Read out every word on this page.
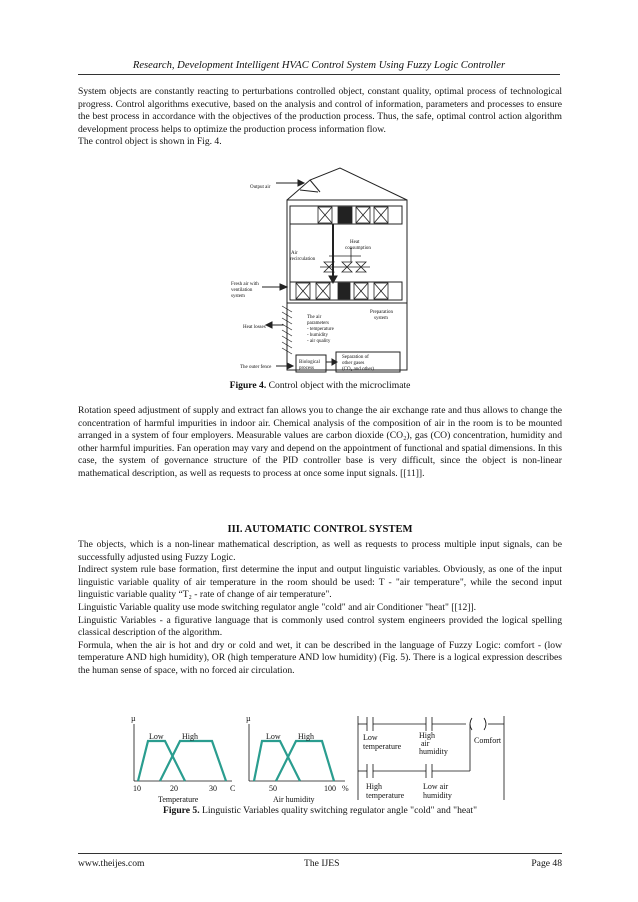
Research, Development Intelligent HVAC Control System Using Fuzzy Logic Controller

System objects are constantly reacting to perturbations controlled object, constant quality, optimal process of technological progress. Control algorithms executive, based on the analysis and control of information, parameters and processes to ensure the best process in accordance with the objectives of the production process. Thus, the safe, optimal control action algorithm development process helps to optimize the production process information flow.

The control object is shown in Fig. 4.

Output air
Heat
consumption
Air
recirculation
Fresh air with
ventilation
system
Preparation
system
The air
parameters
- temperature
- humidity
- air quality
Heat losses
The outer fence
Biological
process
Separation of
other gases
(CO₂ and other)
Figure 4. Control object with the microclimate

Rotation speed adjustment of supply and extract fan allows you to change the air exchange rate and thus allows to change the concentration of harmful impurities in indoor air. Chemical analysis of the composition of air in the room is to be mounted arranged in a system of four employers. Measurable values are carbon dioxide (CO₂), gas (CO) concentration, humidity and other harmful impurities. Fan operation may vary and depend on the appointment of functional and spatial dimensions. In this case, the system of governance structure of the PID controller base is very difficult, since the object is non-linear mathematical description, as well as requests to process at once some input signals. [[11]].

III. AUTOMATIC CONTROL SYSTEM

The objects, which is a non-linear mathematical description, as well as requests to process multiple input signals, can be successfully adjusted using Fuzzy Logic.

Indirect system rule base formation, first determine the input and output linguistic variables. Obviously, as one of the input linguistic variable quality of air temperature in the room should be used: T - "air temperature", while the second input linguistic variable quality “T₂ - rate of change of air temperature".

Linguistic Variable quality use mode switching regulator angle "cold" and air Conditioner "heat" [[12]].

Linguistic Variables - a figurative language that is commonly used control system engineers provided the logical spelling classical description of the algorithm.

Formula, when the air is hot and dry or cold and wet, it can be described in the language of Fuzzy Logic: comfort - (low temperature AND high humidity), OR (high temperature AND low humidity) (Fig. 5). There is a logical expression describes the human sense of space, with no forced air circulation.

µ
Low High
10	20	30 C
Temperature
µ
Low High
50	100 %
Air humidity
Low
temperature
High
air
humidity
Comfort
High
temperature
Low air
humidity
Figure 5. Linguistic Variables quality switching regulator angle "cold" and "heat"
www.theijes.com	The IJES	Page 48
